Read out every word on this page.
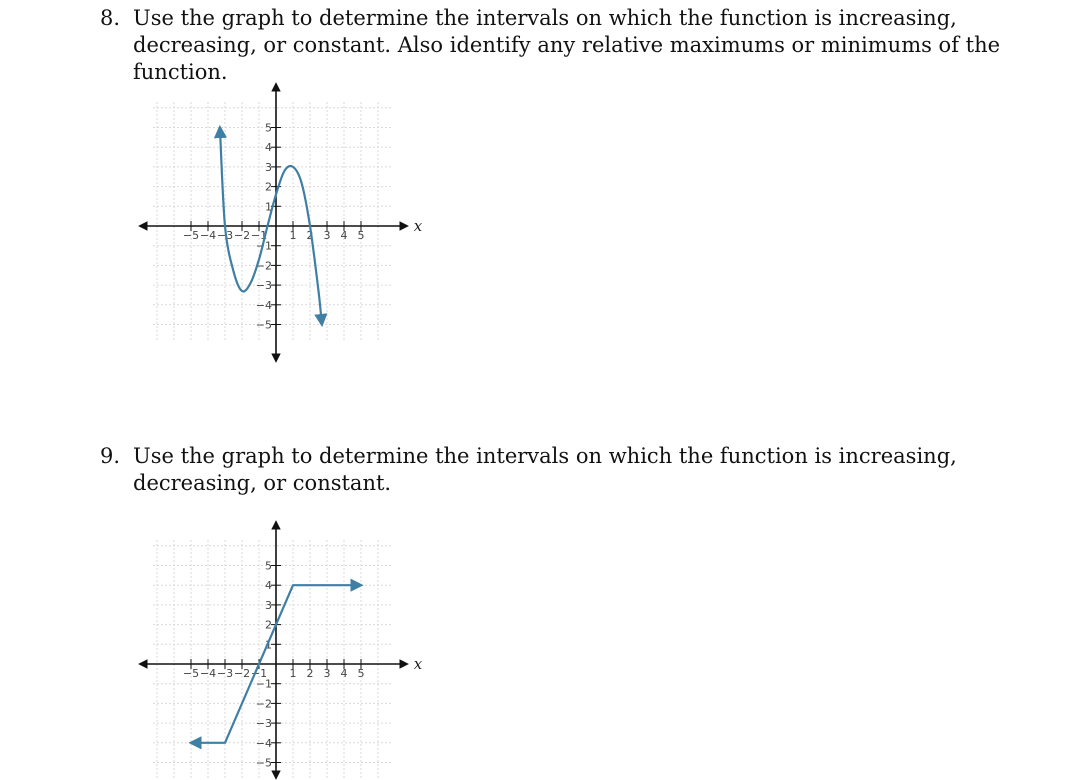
8. Use the graph to determine the intervals on which the function is increasing, decreasing, or constant. Also identify any relative maximums or minimums of the function.
x
−5 −4 −3 −2 −1 1 2 3 4 5
5
4
3
2
1
−1
−2
−3
−4
−5
9. Use the graph to determine the intervals on which the function is increasing, decreasing, or constant.
x
−5 −4 −3 −2 −1 1 2 3 4 5
5
4
3
2
1
−1
−2
−3
−4
−5
